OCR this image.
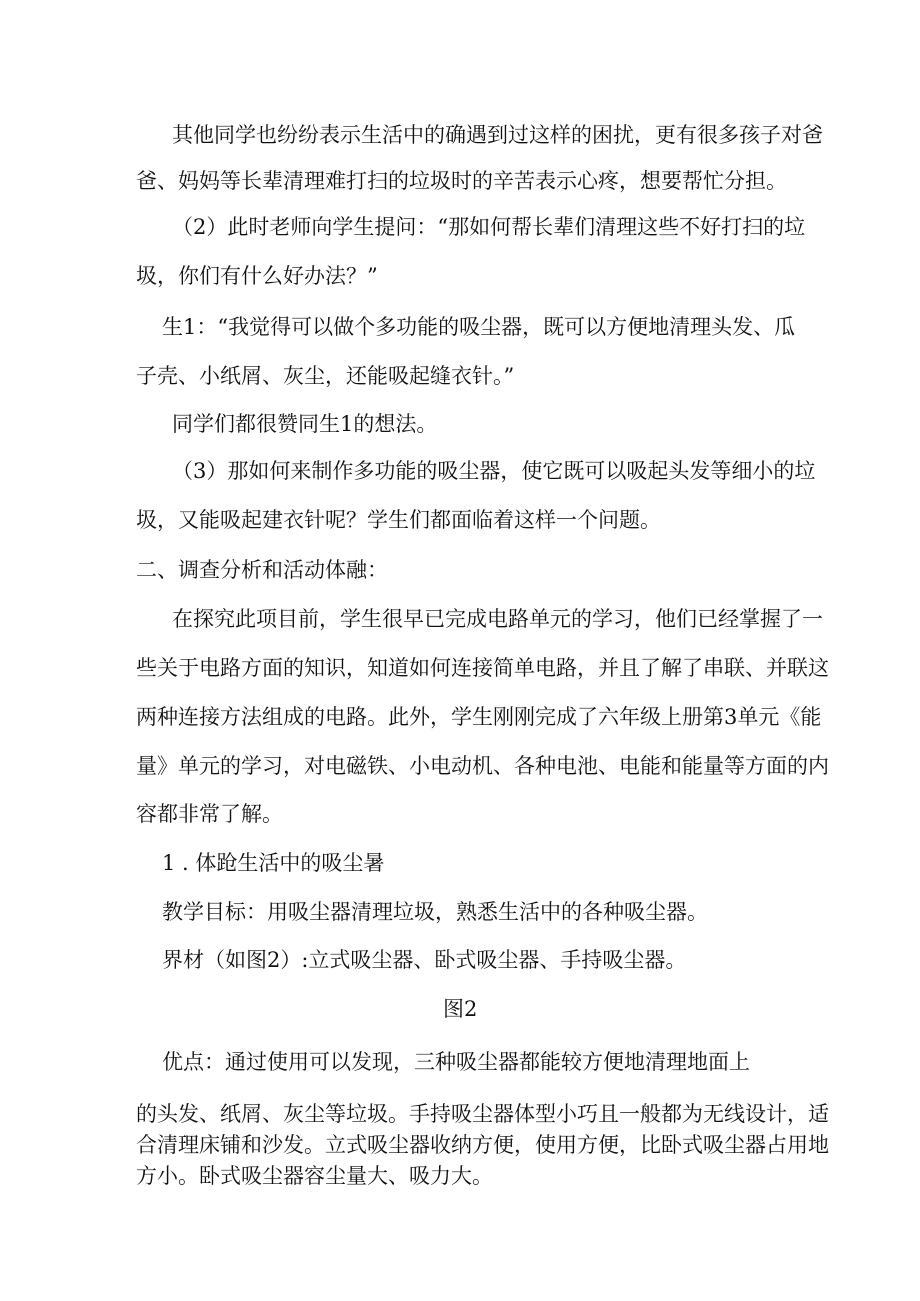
其他同学也纷纷表示生活中的确遇到过这样的困扰，更有很多孩子对爸
爸、妈妈等长辈清理难打扫的垃圾时的辛苦表示心疼，想要帮忙分担。
（2）此时老师向学生提问：“那如何帮长辈们清理这些不好打扫的垃
圾，你们有什么好办法？”
生1：“我觉得可以做个多功能的吸尘器，既可以方便地清理头发、瓜
子壳、小纸屑、灰尘，还能吸起缝衣针。”
同学们都很赞同生1的想法。
（3）那如何来制作多功能的吸尘器，使它既可以吸起头发等细小的垃
圾，又能吸起建衣针呢？学生们都面临着这样一个问题。
二、调查分析和活动体融：
在探究此项目前，学生很早已完成电路单元的学习，他们已经掌握了一
些关于电路方面的知识，知道如何连接简单电路，并且了解了串联、并联这
两种连接方法组成的电路。此外，学生刚刚完成了六年级上册第3单元《能
量》单元的学习，对电磁铁、小电动机、各种电池、电能和能量等方面的内
容都非常了解。
1 . 体跄生活中的吸尘暑
教学目标：用吸尘器清理垃圾，熟悉生活中的各种吸尘器。
界材（如图2）:立式吸尘器、卧式吸尘器、手持吸尘器。
图2
优点：通过使用可以发现，三种吸尘器都能较方便地清理地面上
的头发、纸屑、灰尘等垃圾。手持吸尘器体型小巧且一般都为无线设计，适
合清理床铺和沙发。立式吸尘器收纳方便，使用方便，比卧式吸尘器占用地
方小。卧式吸尘器容尘量大、吸力大。
